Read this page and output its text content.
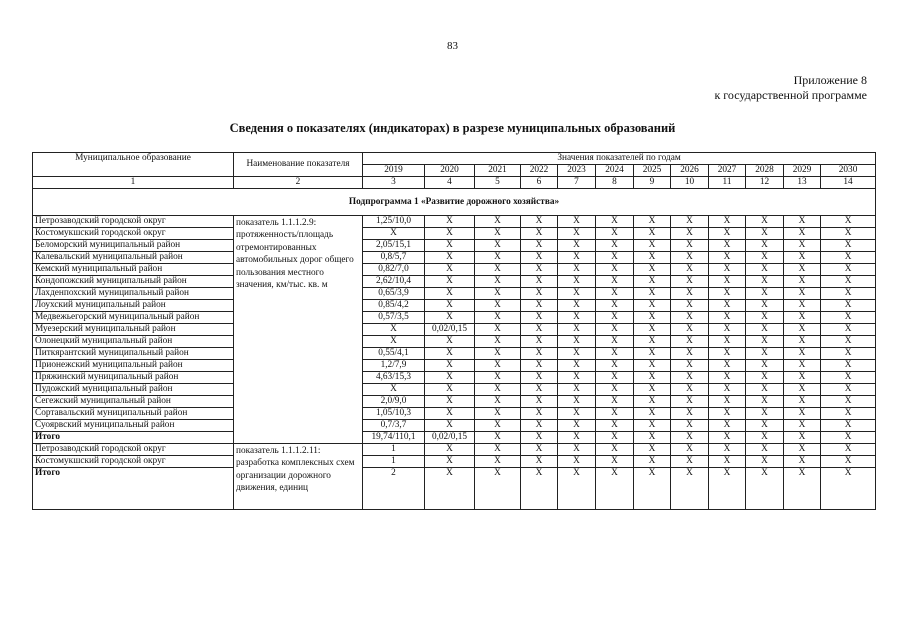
83
Приложение 8
к государственной программе
Сведения о показателях (индикаторах) в разрезе муниципальных образований
Муниципальное образование	Наименование показателя	Значения показателей по годам											
		2019	2020	2021	2022	2023	2024	2025	2026	2027	2028	2029	2030
1	2	3	4	5	6	7	8	9	10	11	12	13	14
Подпрограмма 1 «Развитие дорожного хозяйства»													
Петрозаводский городской округ	показатель 1.1.1.2.9: протяженность/площадь отремонтированных автомобильных дорог общего пользования местного значения, км/тыс. кв. м	1,25/10,0	Х	Х	Х	Х	Х	Х	Х	Х	Х	Х	Х
Костомукшский городской округ		Х	Х	Х	Х	Х	Х	Х	Х	Х	Х	Х	Х
Беломорский муниципальный район		2,05/15,1	Х	Х	Х	Х	Х	Х	Х	Х	Х	Х	Х
Калевальский муниципальный район		0,8/5,7	Х	Х	Х	Х	Х	Х	Х	Х	Х	Х	Х
Кемский муниципальный район		0,82/7,0	Х	Х	Х	Х	Х	Х	Х	Х	Х	Х	Х
Кондопожский муниципальный район		2,62/10,4	Х	Х	Х	Х	Х	Х	Х	Х	Х	Х	Х
Лахденпохский муниципальный район		0,65/3,9	Х	Х	Х	Х	Х	Х	Х	Х	Х	Х	Х
Лоухский муниципальный район		0,85/4,2	Х	Х	Х	Х	Х	Х	Х	Х	Х	Х	Х
Медвежьегорский муниципальный район		0,57/3,5	Х	Х	Х	Х	Х	Х	Х	Х	Х	Х	Х
Муезерский муниципальный район		Х	0,02/0,15	Х	Х	Х	Х	Х	Х	Х	Х	Х	Х
Олонецкий муниципальный район		Х	Х	Х	Х	Х	Х	Х	Х	Х	Х	Х	Х
Питкярантский муниципальный район		0,55/4,1	Х	Х	Х	Х	Х	Х	Х	Х	Х	Х	Х
Прионежский муниципальный район		1,2/7,9	Х	Х	Х	Х	Х	Х	Х	Х	Х	Х	Х
Пряжинский муниципальный район		4,63/15,3	Х	Х	Х	Х	Х	Х	Х	Х	Х	Х	Х
Пудожский муниципальный район		Х	Х	Х	Х	Х	Х	Х	Х	Х	Х	Х	Х
Сегежский муниципальный район		2,0/9,0	Х	Х	Х	Х	Х	Х	Х	Х	Х	Х	Х
Сортавальский муниципальный район		1,05/10,3	Х	Х	Х	Х	Х	Х	Х	Х	Х	Х	Х
Суоярвский муниципальный район		0,7/3,7	Х	Х	Х	Х	Х	Х	Х	Х	Х	Х	Х
Итого		19,74/110,1	0,02/0,15	Х	Х	Х	Х	Х	Х	Х	Х	Х	Х
Петрозаводский городской округ	показатель 1.1.1.2.11: разработка комплексных схем организации дорожного движения, единиц	1	Х	Х	Х	Х	Х	Х	Х	Х	Х	Х	Х
Костомукшский городской округ		1	Х	Х	Х	Х	Х	Х	Х	Х	Х	Х	Х
Итого		2	Х	Х	Х	Х	Х	Х	Х	Х	Х	Х	Х
